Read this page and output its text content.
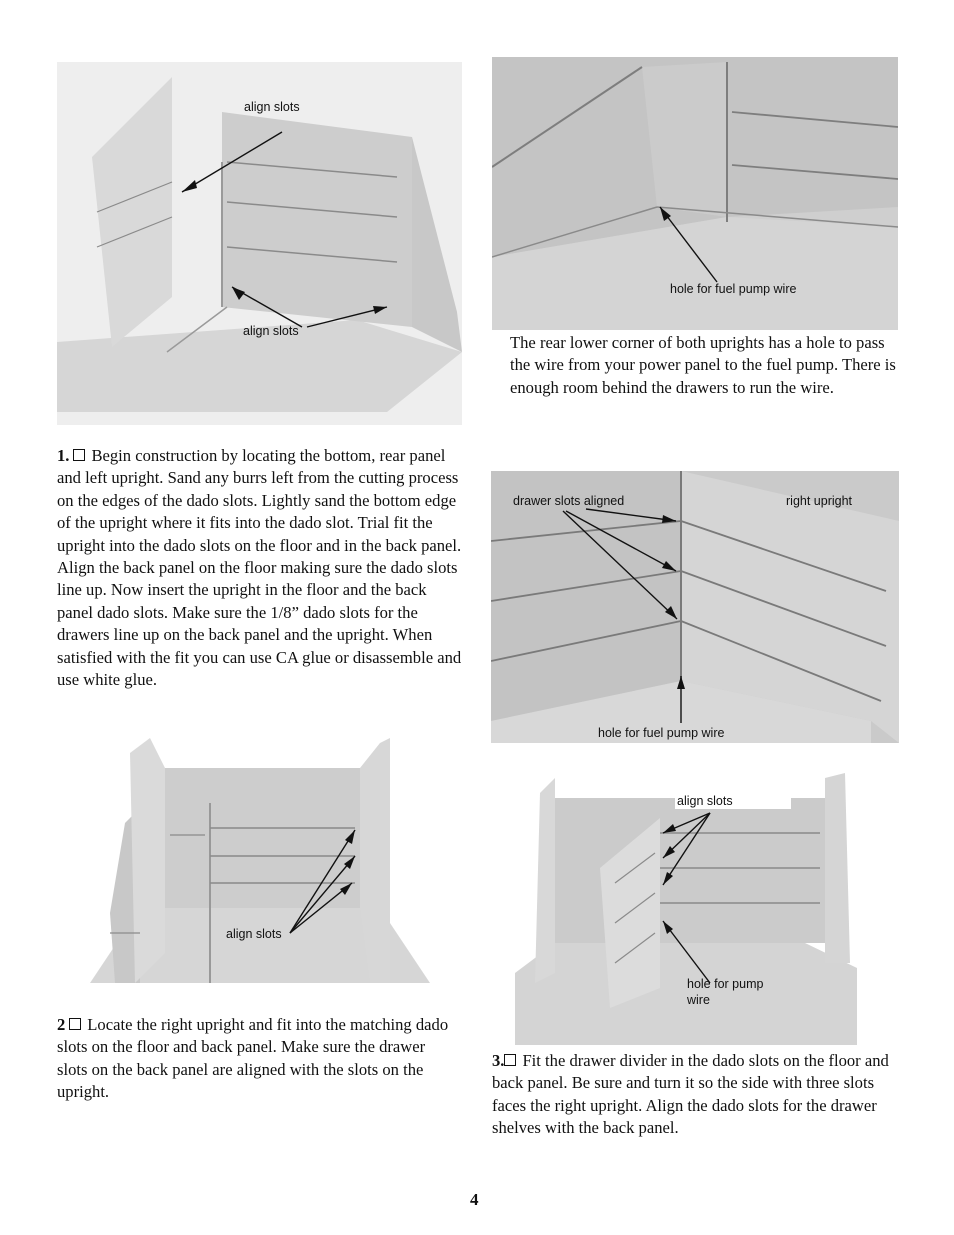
align slots
align slots
hole for fuel pump wire

The rear lower corner of both uprights has a hole to pass the wire from your power panel to the fuel pump. There is enough room behind the drawers to run the wire.

1. Begin construction by locating the bottom, rear panel and left upright. Sand any burrs left from the cutting process on the edges of the dado slots. Lightly sand the bottom edge of the upright where it fits into the dado slot. Trial fit the upright into the dado slots on the floor and in the back panel. Align the back panel on the floor making sure the dado slots line up. Now insert the upright in the floor and the back panel dado slots. Make sure the 1/8” dado slots for the drawers line up on the back panel and the upright. When satisfied with the fit you can use CA glue or disassemble and use white glue.

drawer slots aligned	right upright
hole for fuel pump wire
align slots
align slots
hole for pump
wire

2 Locate the right upright and fit into the matching dado slots on the floor and back panel. Make sure the drawer slots on the back panel are aligned with the slots on the upright.

3. Fit the drawer divider in the dado slots on the floor and back panel. Be sure and turn it so the side with three slots faces the right upright. Align the dado slots for the drawer shelves with the back panel.

4
